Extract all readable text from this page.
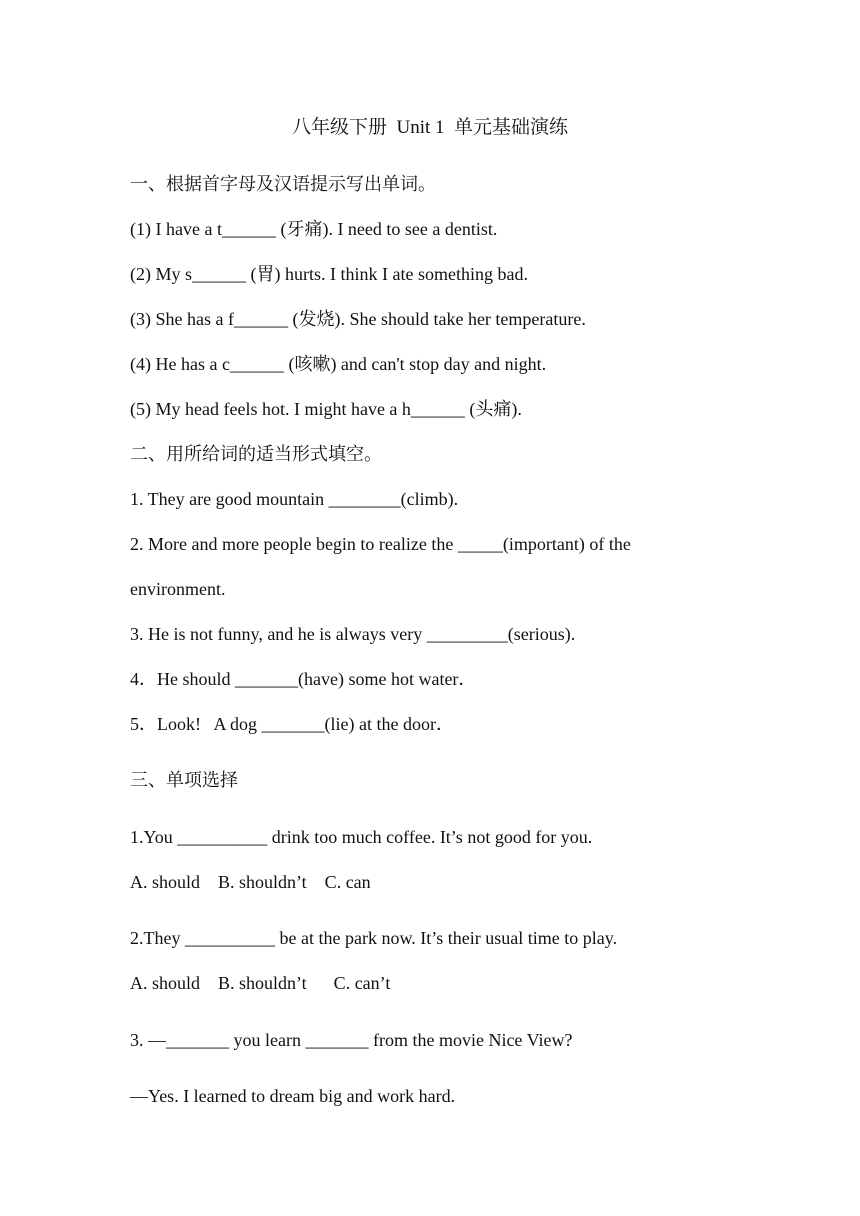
八年级下册  Unit 1  单元基础演练
一、根据首字母及汉语提示写出单词。
(1) I have a t______ (牙痛). I need to see a dentist.
(2) My s______ (胃) hurts. I think I ate something bad.
(3) She has a f______ (发烧). She should take her temperature.
(4) He has a c______ (咳嗽) and can't stop day and night.
(5) My head feels hot. I might have a h______ (头痛).
二、用所给词的适当形式填空。
1. They are good mountain ________(climb).
2. More and more people begin to realize the _____(important) of the
environment.
3. He is not funny, and he is always very _________(serious).
4．He should _______(have) some hot water．
5．Look!   A dog _______(lie) at the door．
三、单项选择
1.You __________ drink too much coffee. It’s not good for you.
A. should    B. shouldn’t    C. can
2.They __________ be at the park now. It’s their usual time to play.
A. should    B. shouldn’t      C. can’t
3. —_______ you learn _______ from the movie Nice View?
—Yes. I learned to dream big and work hard.
